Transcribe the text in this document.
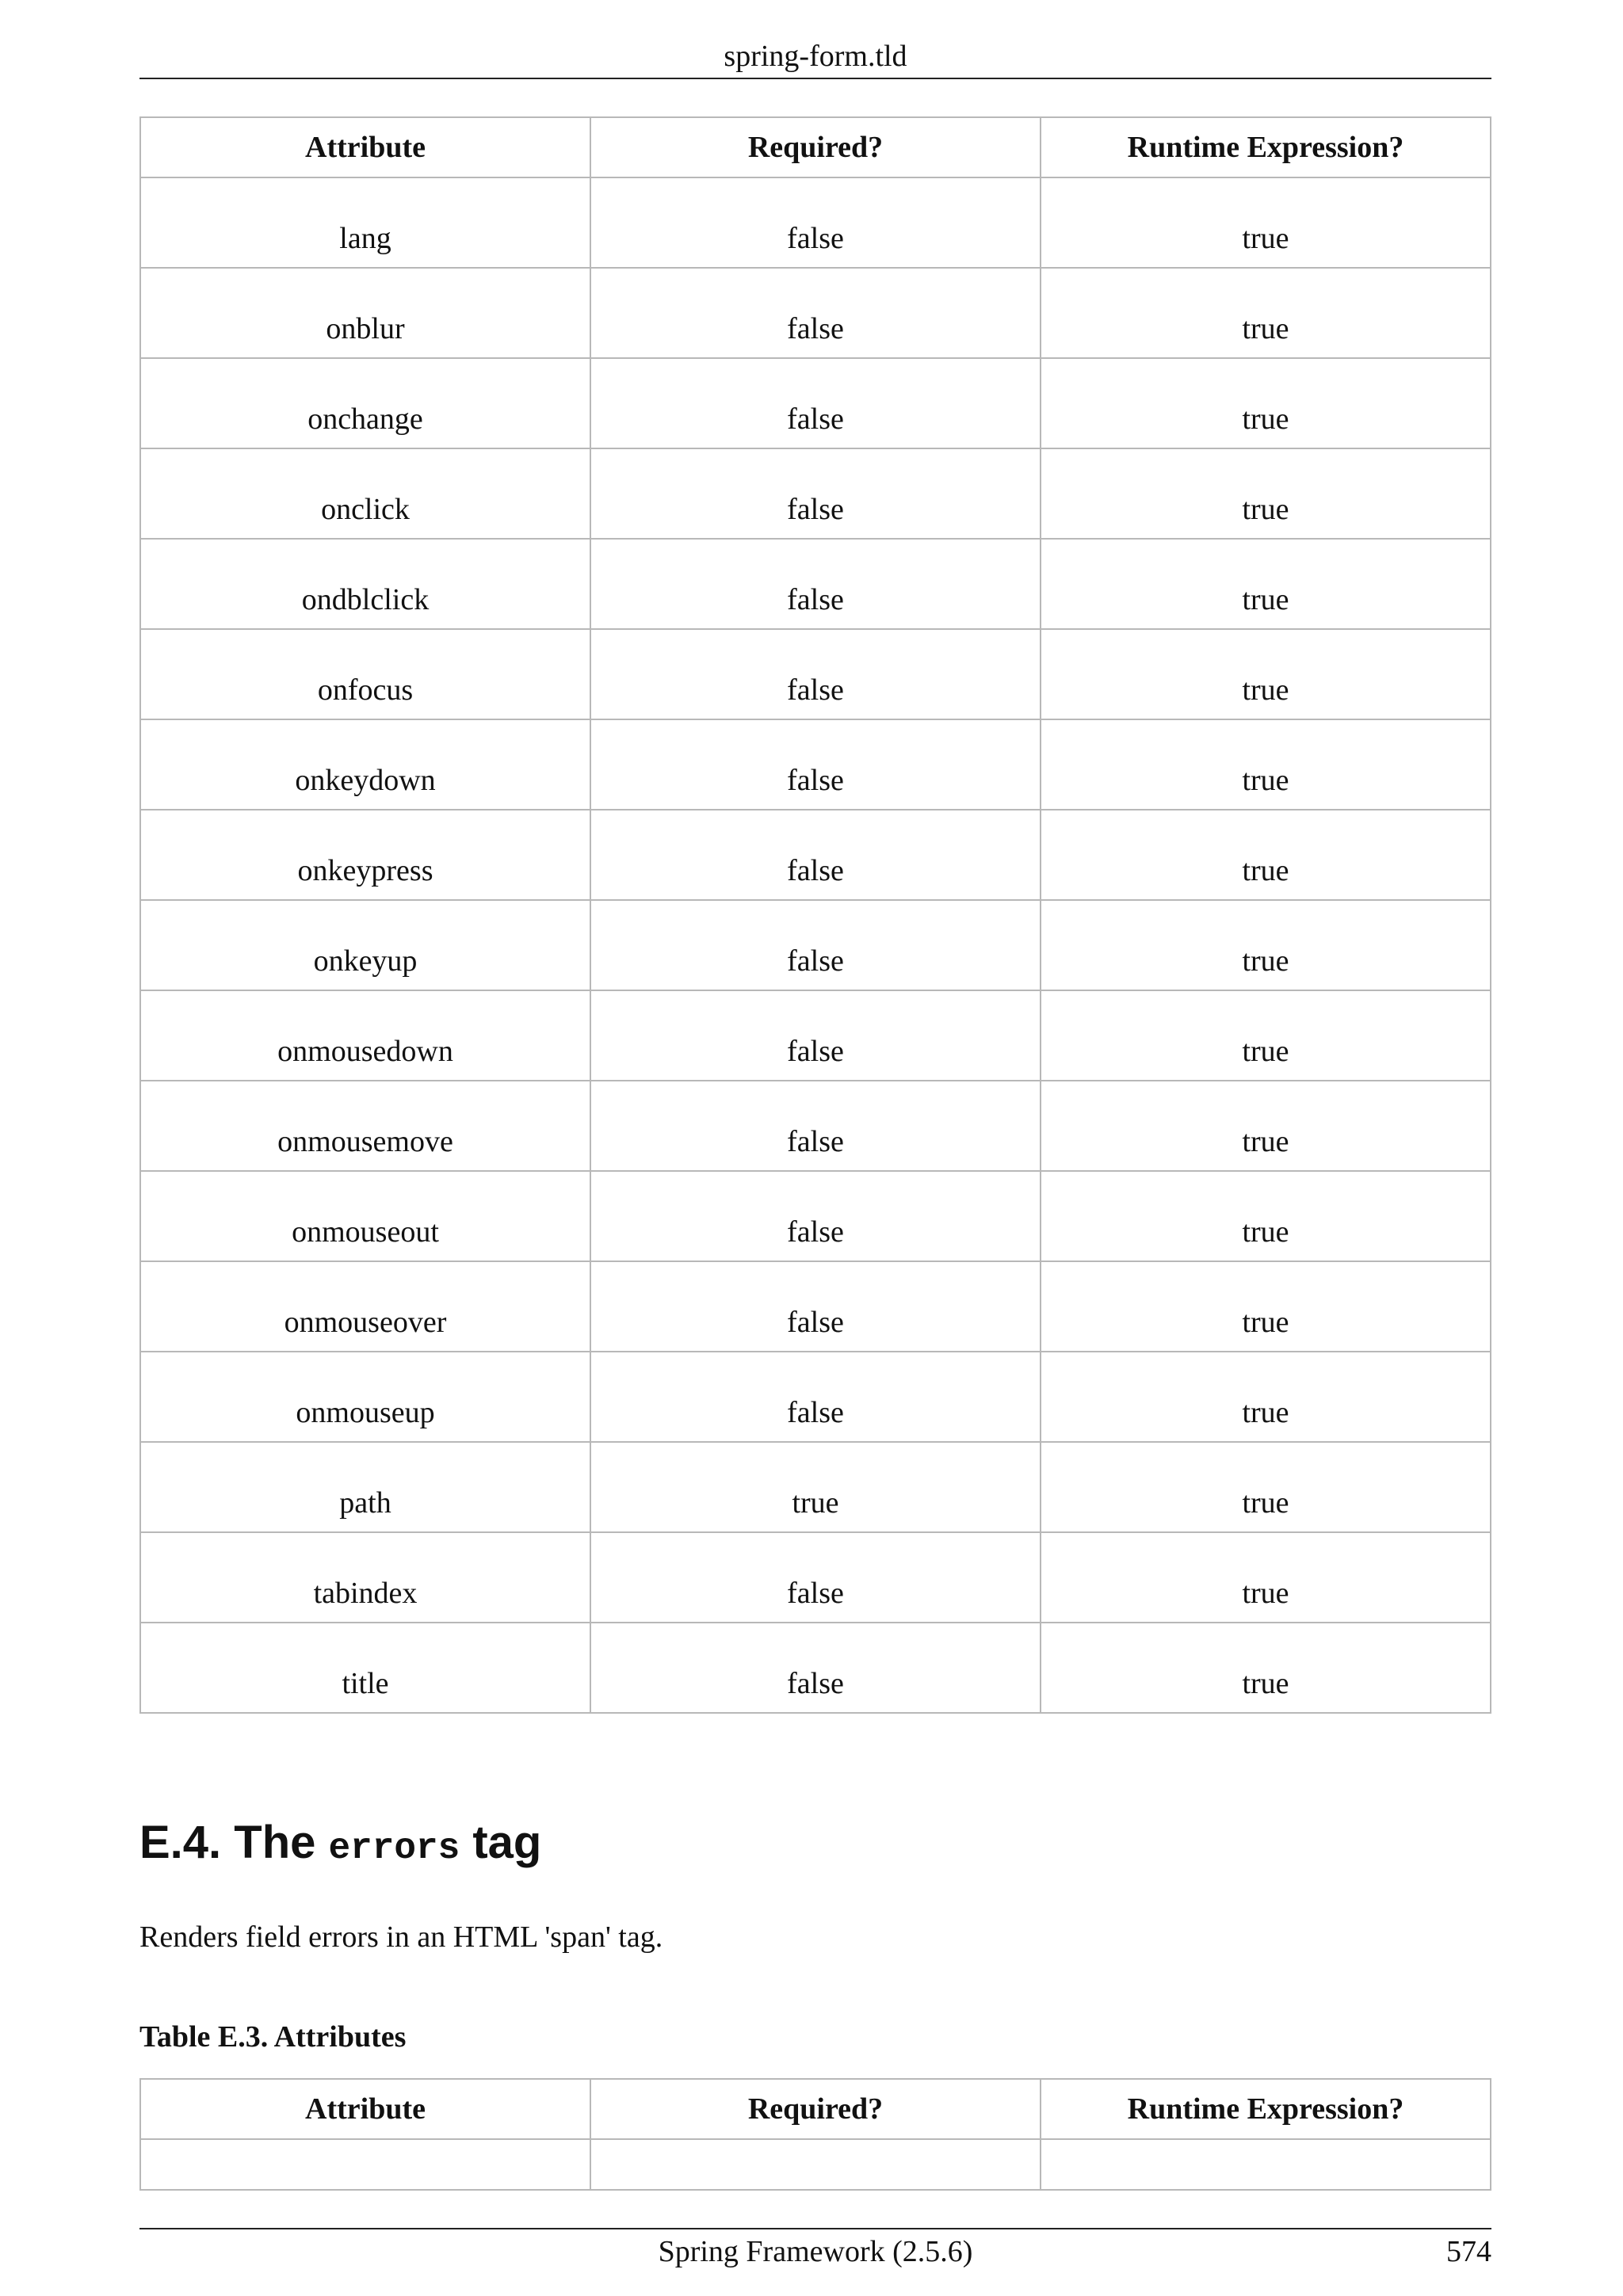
spring-form.tld
Attribute	Required?	Runtime Expression?
lang	false	true
onblur	false	true
onchange	false	true
onclick	false	true
ondblclick	false	true
onfocus	false	true
onkeydown	false	true
onkeypress	false	true
onkeyup	false	true
onmousedown	false	true
onmousemove	false	true
onmouseout	false	true
onmouseover	false	true
onmouseup	false	true
path	true	true
tabindex	false	true
title	false	true
E.4. The errors tag

Renders field errors in an HTML 'span' tag.

Table E.3. Attributes

Attribute	Required?	Runtime Expression?

Spring Framework (2.5.6)	574
